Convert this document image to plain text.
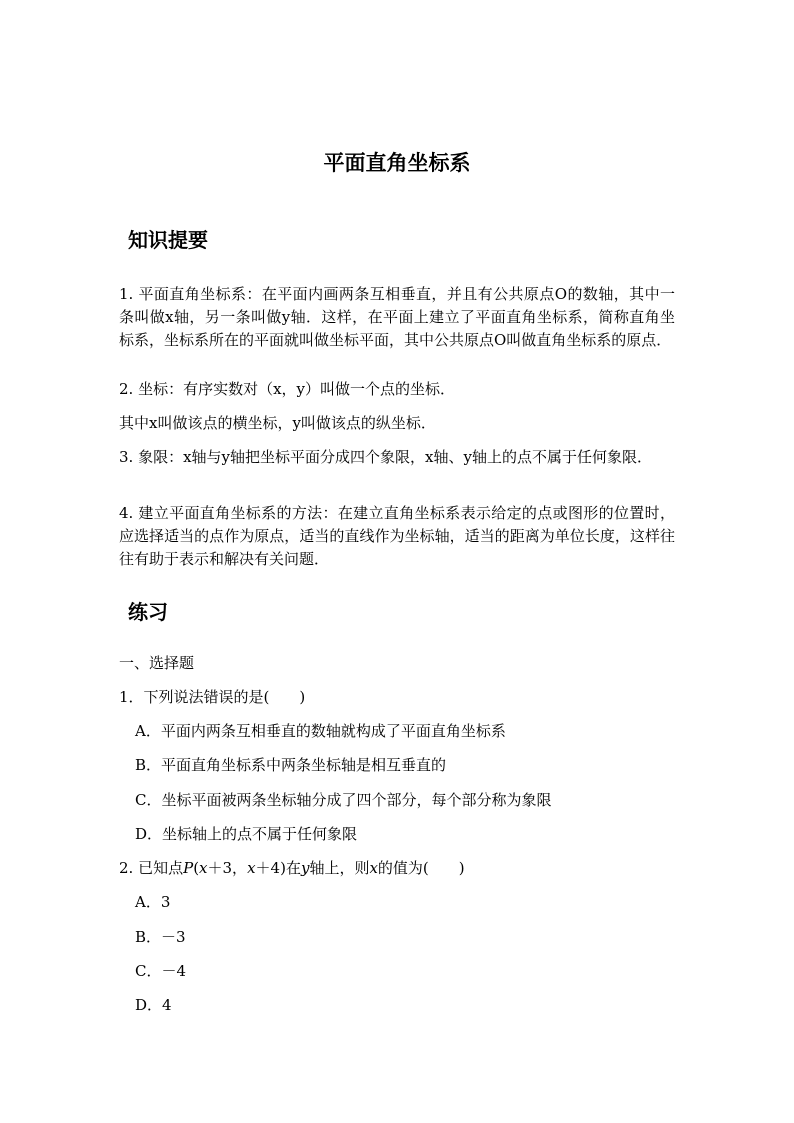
平面直角坐标系
知识提要
1. 平面直角坐标系：在平面内画两条互相垂直，并且有公共原点O的数轴，其中一条叫做x轴，另一条叫做y轴．这样，在平面上建立了平面直角坐标系，简称直角坐标系，坐标系所在的平面就叫做坐标平面，其中公共原点O叫做直角坐标系的原点．
2. 坐标：有序实数对（x，y）叫做一个点的坐标．
其中x叫做该点的横坐标，y叫做该点的纵坐标．
3. 象限：x轴与y轴把坐标平面分成四个象限，x轴、y轴上的点不属于任何象限．
4. 建立平面直角坐标系的方法：在建立直角坐标系表示给定的点或图形的位置时，应选择适当的点作为原点，适当的直线作为坐标轴，适当的距离为单位长度，这样往往有助于表示和解决有关问题．
练习
一、选择题
1．下列说法错误的是(　　)
A．平面内两条互相垂直的数轴就构成了平面直角坐标系
B．平面直角坐标系中两条坐标轴是相互垂直的
C．坐标平面被两条坐标轴分成了四个部分，每个部分称为象限
D．坐标轴上的点不属于任何象限
2. 已知点P(x＋3，x＋4)在y轴上，则x的值为(　　)
A．3
B．－3
C．－4
D．4
